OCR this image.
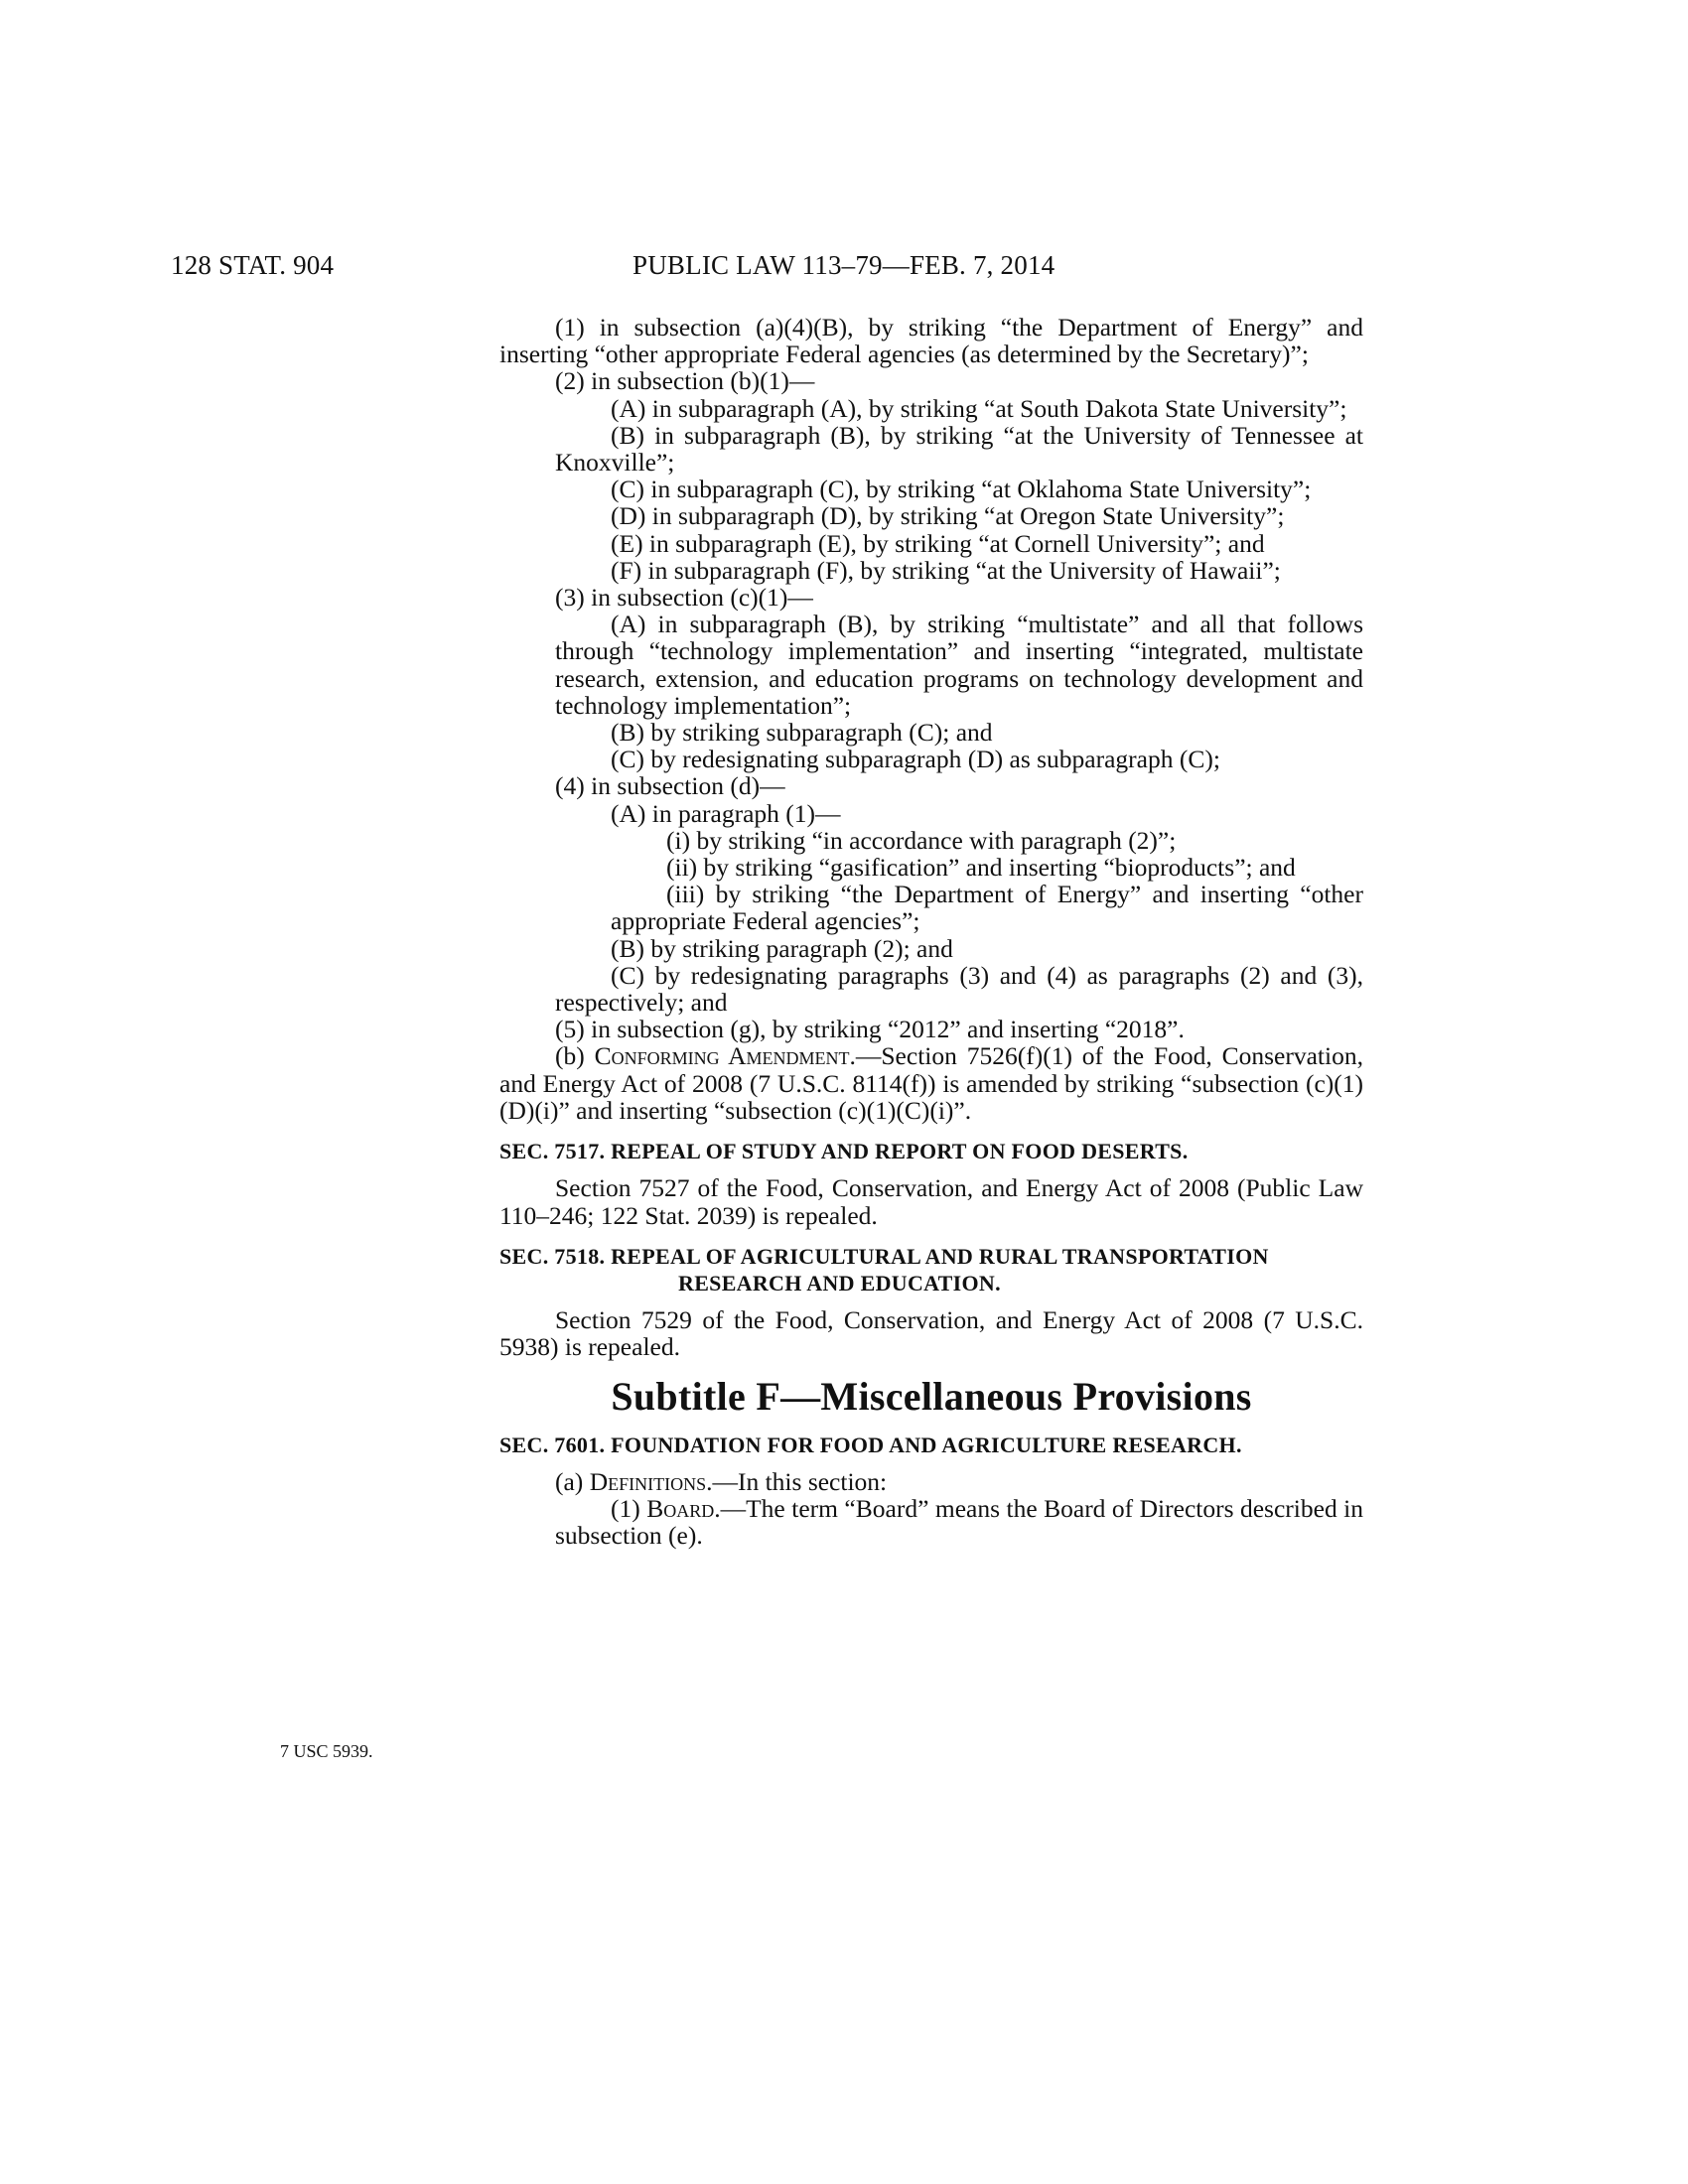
128 STAT. 904	PUBLIC LAW 113–79—FEB. 7, 2014
7 USC 5939.

(1) in subsection (a)(4)(B), by striking “the Department of Energy” and inserting “other appropriate Federal agencies (as determined by the Secretary)”;

(2) in subsection (b)(1)—

(A) in subparagraph (A), by striking “at South Dakota State University”;

(B) in subparagraph (B), by striking “at the University of Tennessee at Knoxville”;

(C) in subparagraph (C), by striking “at Oklahoma State University”;

(D) in subparagraph (D), by striking “at Oregon State University”;

(E) in subparagraph (E), by striking “at Cornell University”; and

(F) in subparagraph (F), by striking “at the University of Hawaii”;

(3) in subsection (c)(1)—

(A) in subparagraph (B), by striking “multistate” and all that follows through “technology implementation” and inserting “integrated, multistate research, extension, and education programs on technology development and technology implementation”;

(B) by striking subparagraph (C); and

(C) by redesignating subparagraph (D) as subparagraph (C);

(4) in subsection (d)—

(A) in paragraph (1)—

(i) by striking “in accordance with paragraph (2)”;

(ii) by striking “gasification” and inserting “bioproducts”; and

(iii) by striking “the Department of Energy” and inserting “other appropriate Federal agencies”;

(B) by striking paragraph (2); and

(C) by redesignating paragraphs (3) and (4) as paragraphs (2) and (3), respectively; and

(5) in subsection (g), by striking “2012” and inserting “2018”.

(b) Conforming Amendment.—Section 7526(f)(1) of the Food, Conservation, and Energy Act of 2008 (7 U.S.C. 8114(f)) is amended by striking “subsection (c)(1)(D)(i)” and inserting “subsection (c)(1)(C)(i)”.

SEC. 7517. REPEAL OF STUDY AND REPORT ON FOOD DESERTS.

Section 7527 of the Food, Conservation, and Energy Act of 2008 (Public Law 110–246; 122 Stat. 2039) is repealed.

SEC. 7518. REPEAL OF AGRICULTURAL AND RURAL TRANSPORTATION
RESEARCH AND EDUCATION.

Section 7529 of the Food, Conservation, and Energy Act of 2008 (7 U.S.C. 5938) is repealed.

Subtitle F—Miscellaneous Provisions

SEC. 7601. FOUNDATION FOR FOOD AND AGRICULTURE RESEARCH.

(a) Definitions.—In this section:

(1) Board.—The term “Board” means the Board of Directors described in subsection (e).
